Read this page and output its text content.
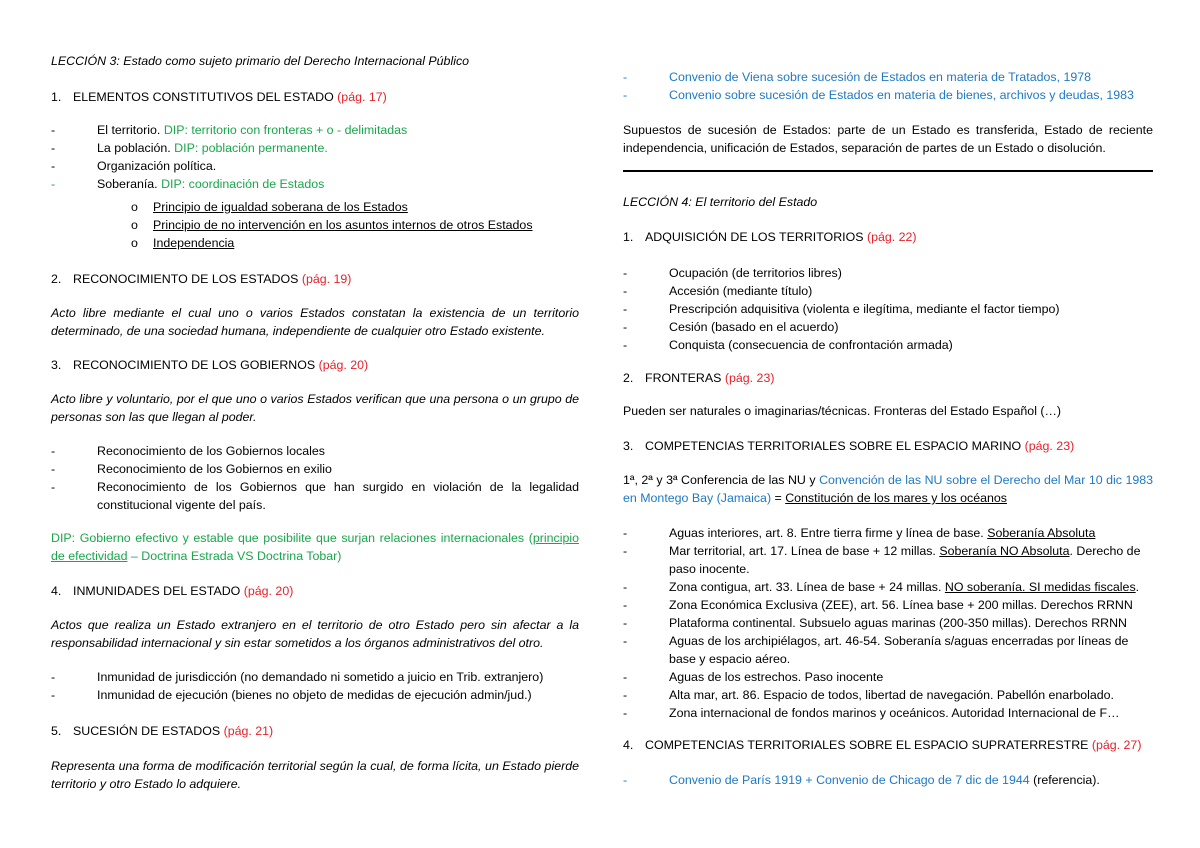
LECCIÓN 3: Estado como sujeto primario del Derecho Internacional Público
1. ELEMENTOS CONSTITUTIVOS DEL ESTADO (pág. 17)
-	El territorio. DIP: territorio con fronteras + o - delimitadas
-	La población. DIP: población permanente.
-	Organización política.
-	Soberanía. DIP: coordinación de Estados
o Principio de igualdad soberana de los Estados
o Principio de no intervención en los asuntos internos de otros Estados
o Independencia
2. RECONOCIMIENTO DE LOS ESTADOS (pág. 19)
Acto libre mediante el cual uno o varios Estados constatan la existencia de un territorio determinado, de una sociedad humana, independiente de cualquier otro Estado existente.
3. RECONOCIMIENTO DE LOS GOBIERNOS (pág. 20)
Acto libre y voluntario, por el que uno o varios Estados verifican que una persona o un grupo de personas son las que llegan al poder.
-	Reconocimiento de los Gobiernos locales
-	Reconocimiento de los Gobiernos en exilio
-	Reconocimiento de los Gobiernos que han surgido en violación de la legalidad constitucional vigente del país.
DIP: Gobierno efectivo y estable que posibilite que surjan relaciones internacionales (principio de efectividad – Doctrina Estrada VS Doctrina Tobar)
4. INMUNIDADES DEL ESTADO (pág. 20)
Actos que realiza un Estado extranjero en el territorio de otro Estado pero sin afectar a la responsabilidad internacional y sin estar sometidos a los órganos administrativos del otro.
-	Inmunidad de jurisdicción (no demandado ni sometido a juicio en Trib. extranjero)
-	Inmunidad de ejecución (bienes no objeto de medidas de ejecución admin/jud.)
5. SUCESIÓN DE ESTADOS (pág. 21)
Representa una forma de modificación territorial según la cual, de forma lícita, un Estado pierde territorio y otro Estado lo adquiere.
-	Convenio de Viena sobre sucesión de Estados en materia de Tratados, 1978
-	Convenio sobre sucesión de Estados en materia de bienes, archivos y deudas, 1983
Supuestos de sucesión de Estados: parte de un Estado es transferida, Estado de reciente independencia, unificación de Estados, separación de partes de un Estado o disolución.
LECCIÓN 4: El territorio del Estado
1. ADQUISICIÓN DE LOS TERRITORIOS (pág. 22)
-	Ocupación (de territorios libres)
-	Accesión (mediante título)
-	Prescripción adquisitiva (violenta e ilegítima, mediante el factor tiempo)
-	Cesión (basado en el acuerdo)
-	Conquista (consecuencia de confrontación armada)
2. FRONTERAS (pág. 23)
Pueden ser naturales o imaginarias/técnicas. Fronteras del Estado Español (…)
3. COMPETENCIAS TERRITORIALES SOBRE EL ESPACIO MARINO (pág. 23)
1ª, 2ª y 3ª Conferencia de las NU y Convención de las NU sobre el Derecho del Mar 10 dic 1983 en Montego Bay (Jamaica) = Constitución de los mares y los océanos
-	Aguas interiores, art. 8. Entre tierra firme y línea de base. Soberanía Absoluta
-	Mar territorial, art. 17. Línea de base + 12 millas. Soberanía NO Absoluta. Derecho de paso inocente.
-	Zona contigua, art. 33. Línea de base + 24 millas. NO soberanía. SI medidas fiscales.
-	Zona Económica Exclusiva (ZEE), art. 56. Línea base + 200 millas. Derechos RRNN
-	Plataforma continental. Subsuelo aguas marinas (200-350 millas). Derechos RRNN
-	Aguas de los archipiélagos, art. 46-54. Soberanía s/aguas encerradas por líneas de base y espacio aéreo.
-	Aguas de los estrechos. Paso inocente
-	Alta mar, art. 86. Espacio de todos, libertad de navegación. Pabellón enarbolado.
-	Zona internacional de fondos marinos y oceánicos. Autoridad Internacional de F…
4. COMPETENCIAS TERRITORIALES SOBRE EL ESPACIO SUPRATERRESTRE (pág. 27)
-	Convenio de París 1919 + Convenio de Chicago de 7 dic de 1944 (referencia).
